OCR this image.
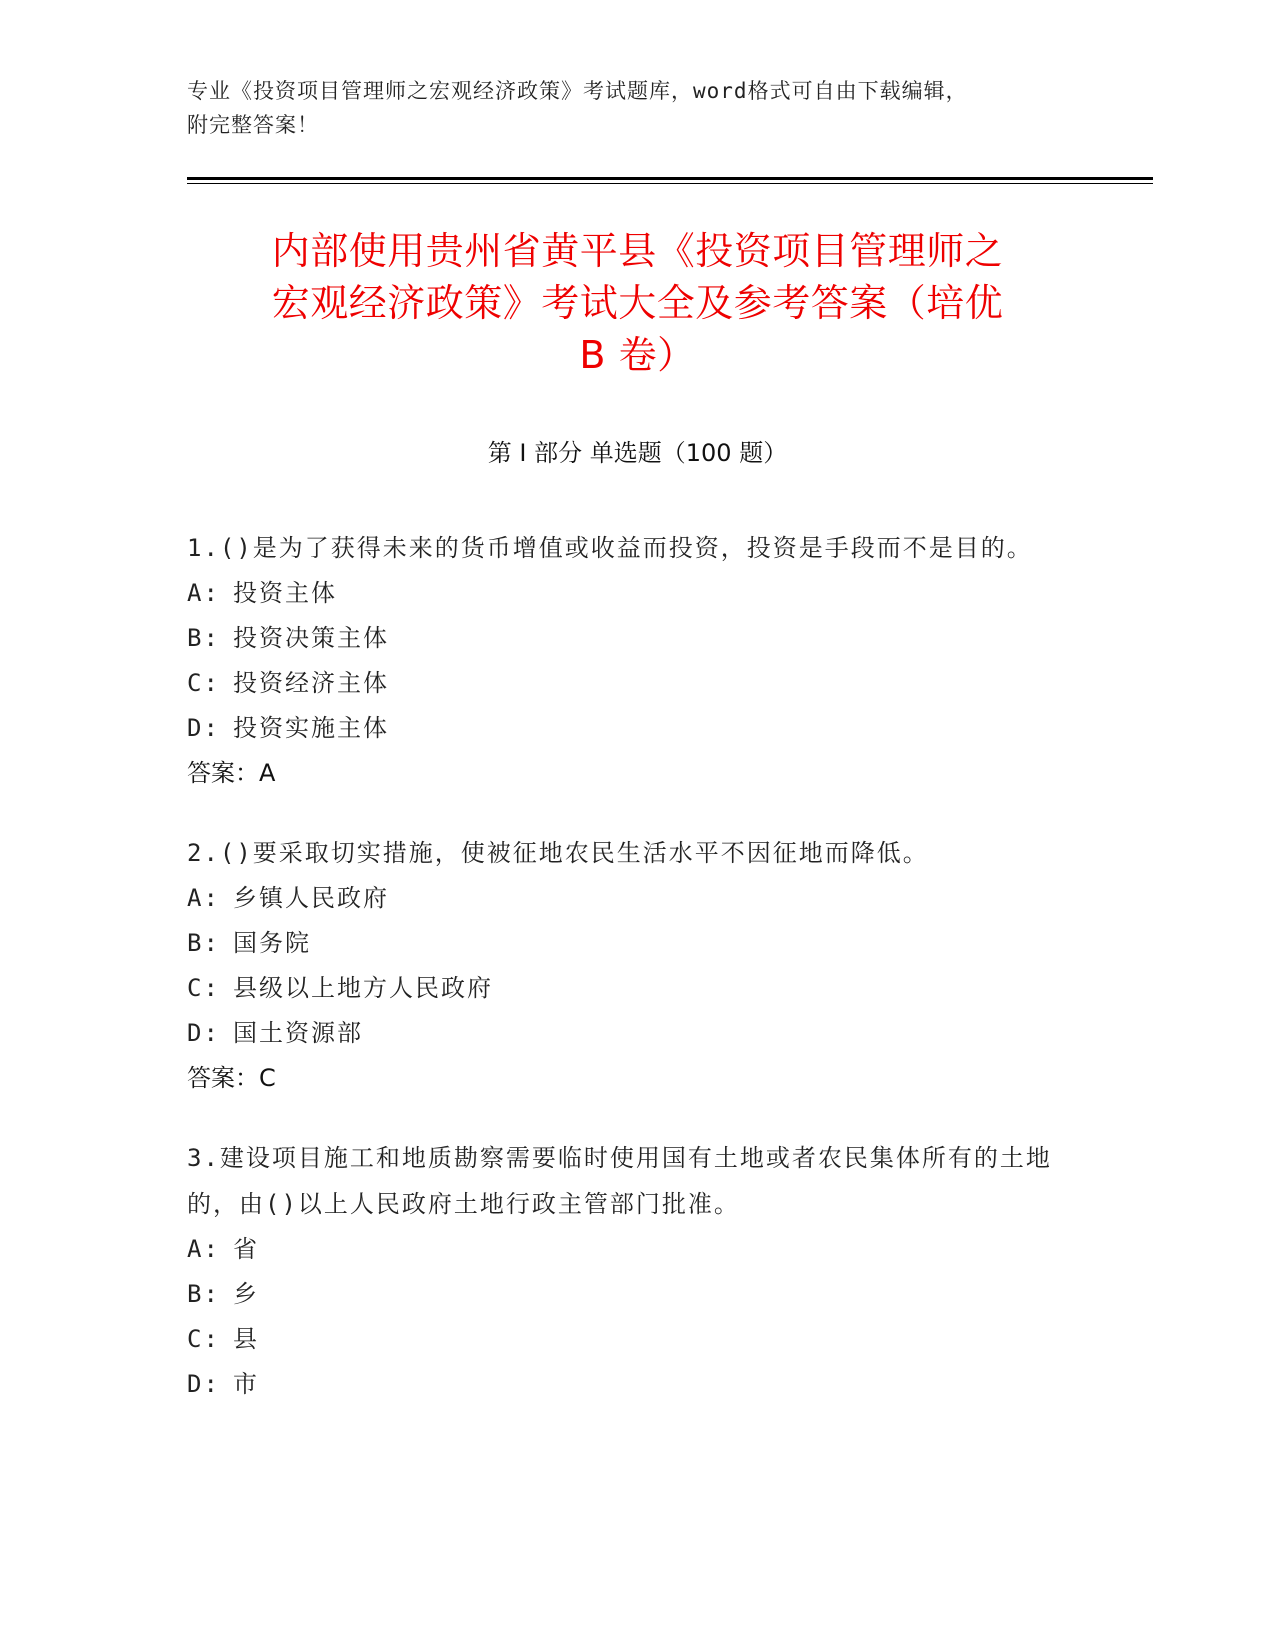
专业《投资项目管理师之宏观经济政策》考试题库，word格式可自由下载编辑，
附完整答案！
内部使用贵州省黄平县《投资项目管理师之
宏观经济政策》考试大全及参考答案（培优
B 卷）
第 I 部分 单选题（100 题）
1.()是为了获得未来的货币增值或收益而投资，投资是手段而不是目的。
A: 投资主体
B: 投资决策主体
C: 投资经济主体
D: 投资实施主体
答案：A
2.()要采取切实措施，使被征地农民生活水平不因征地而降低。
A: 乡镇人民政府
B: 国务院
C: 县级以上地方人民政府
D: 国土资源部
答案：C
3.建设项目施工和地质勘察需要临时使用国有土地或者农民集体所有的土地的，由()以上人民政府土地行政主管部门批准。
A: 省
B: 乡
C: 县
D: 市
